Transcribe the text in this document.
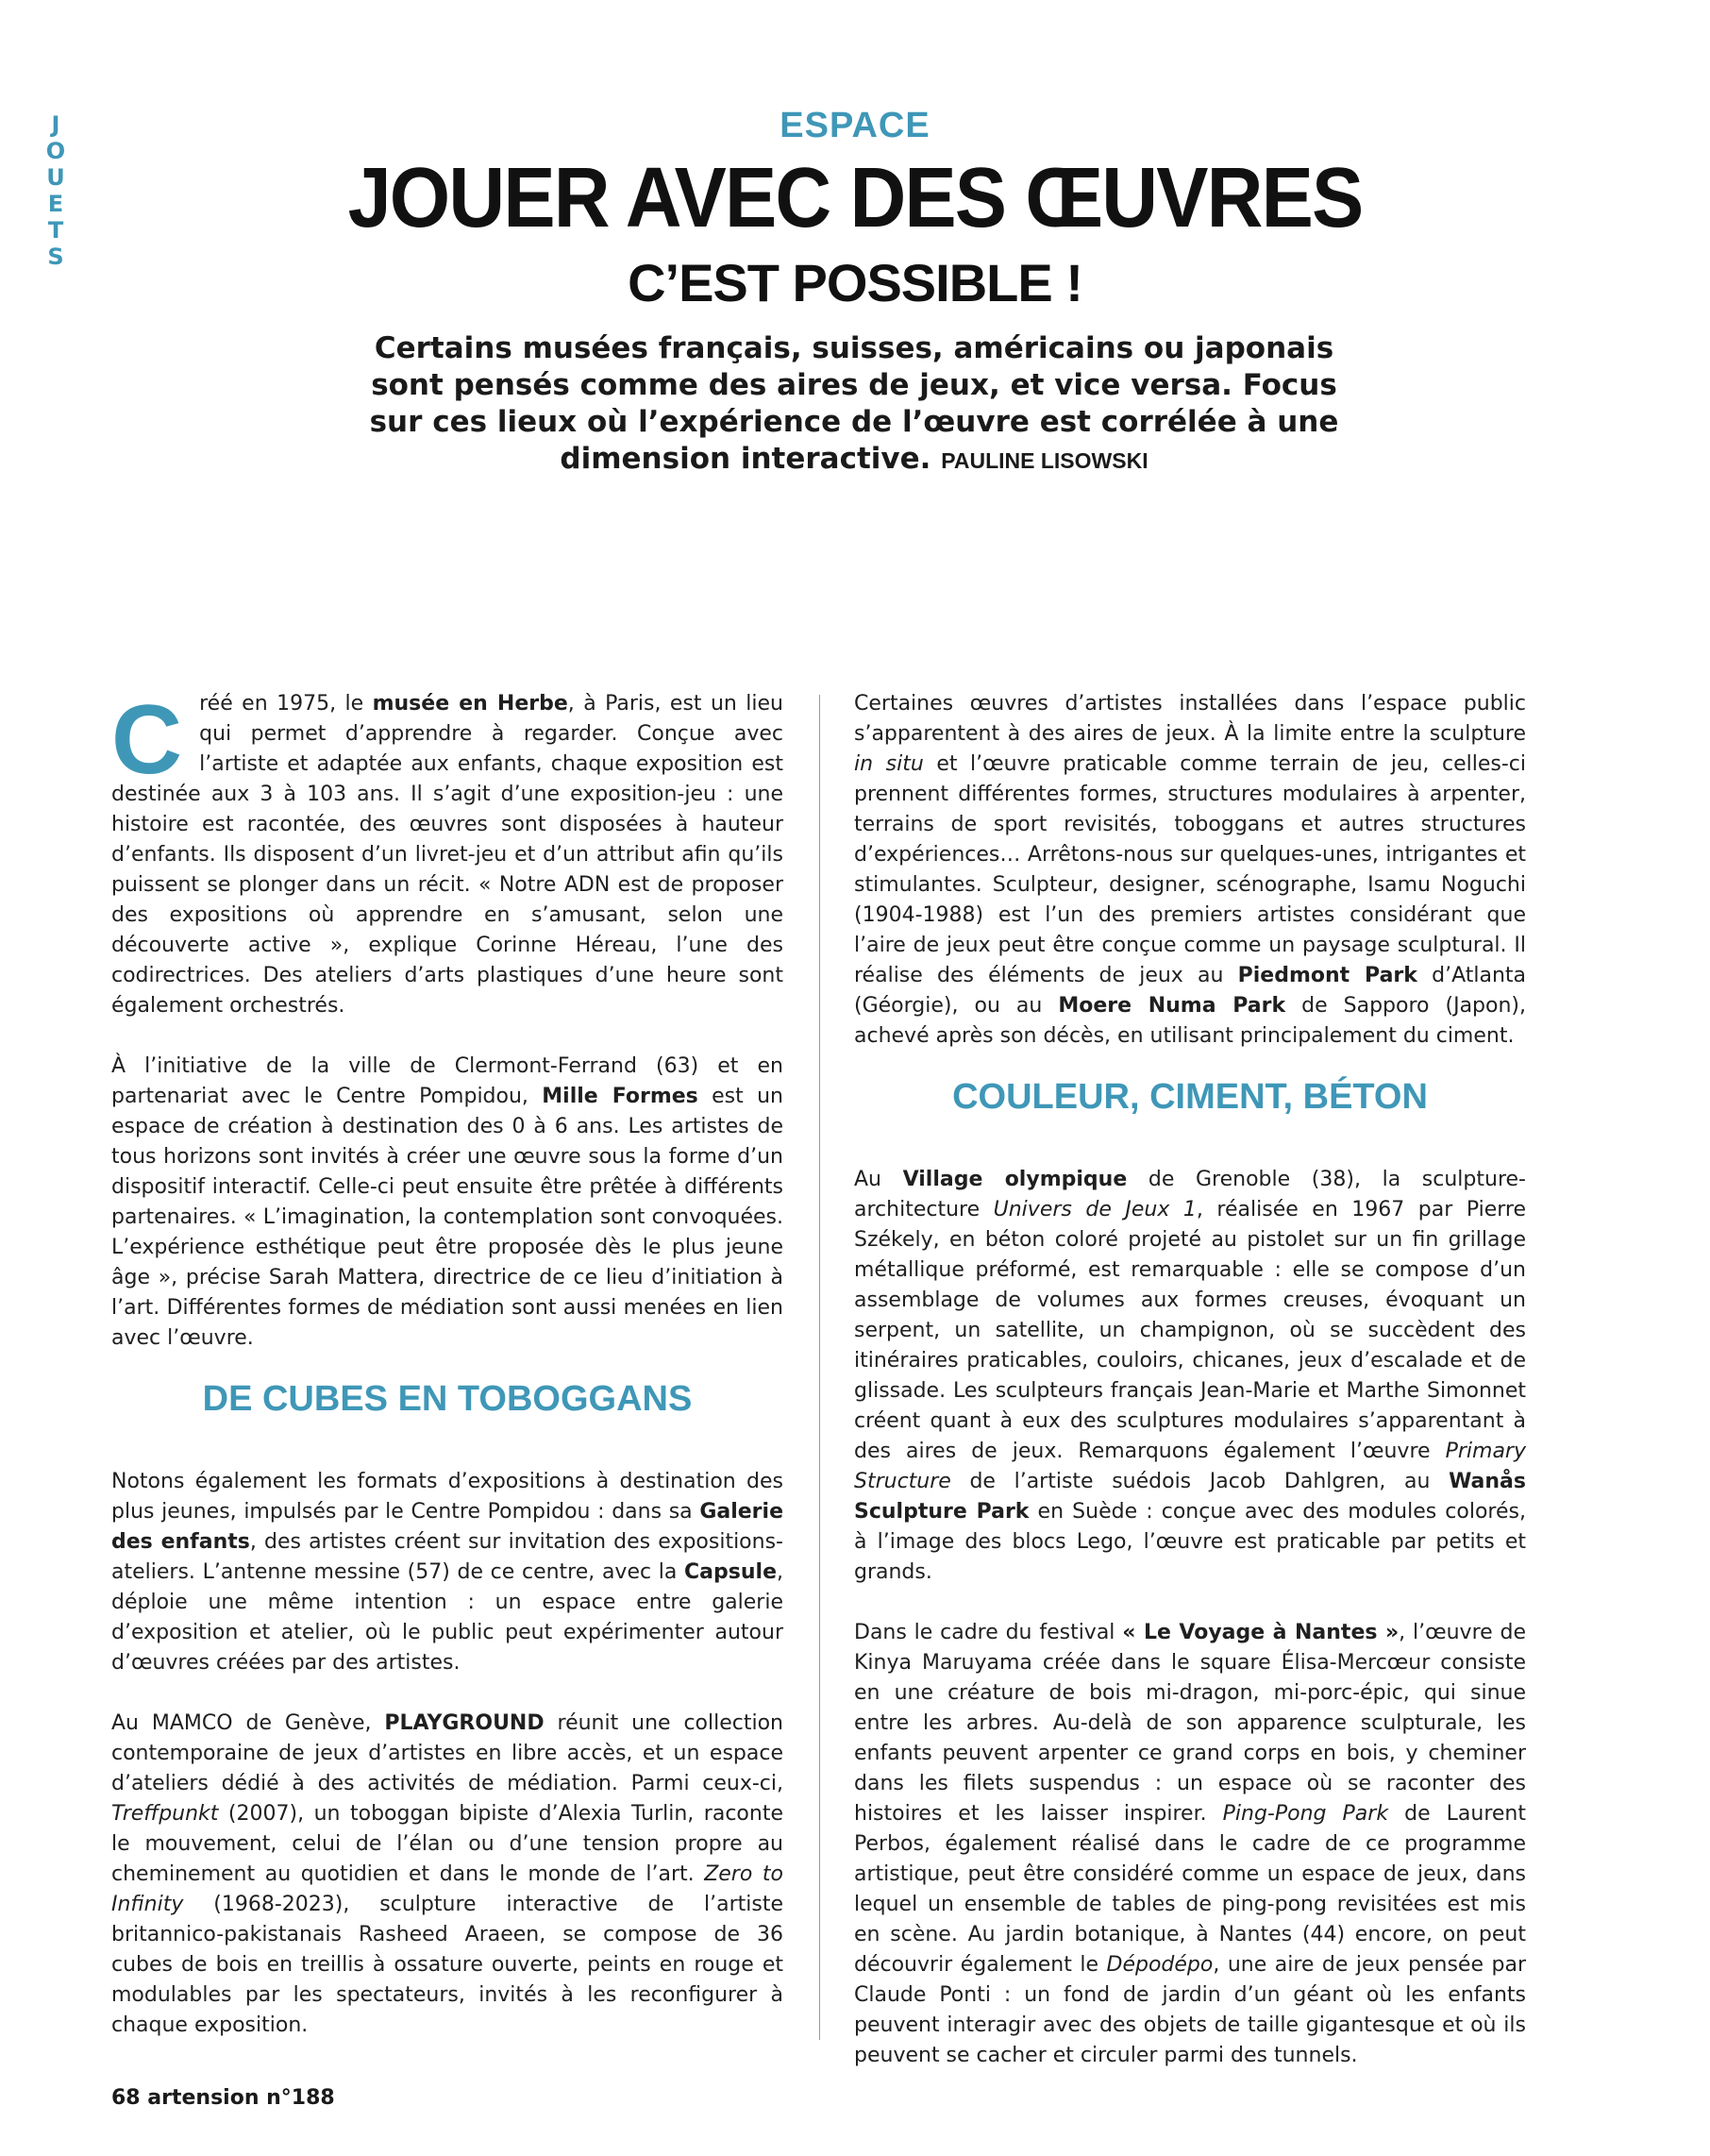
J
O
U
E
T
S
ESPACE
JOUER AVEC DES ŒUVRES
C’EST POSSIBLE !
Certains musées français, suisses, américains ou japonais sont pensés comme des aires de jeux, et vice versa. Focus sur ces lieux où l’expérience de l’œuvre est corrélée à une dimension interactive. PAULINE LISOWSKI

Créé en 1975, le musée en Herbe, à Paris, est un lieu qui permet d’apprendre à regarder. Conçue avec l’artiste et adaptée aux enfants, chaque exposition est destinée aux 3 à 103 ans. Il s’agit d’une exposition-jeu : une histoire est racontée, des œuvres sont disposées à hauteur d’enfants. Ils disposent d’un livret-jeu et d’un attribut afin qu’ils puissent se plonger dans un récit. « Notre ADN est de proposer des expositions où apprendre en s’amusant, selon une découverte active », explique Corinne Héreau, l’une des codirectrices. Des ateliers d’arts plastiques d’une heure sont également orchestrés.

À l’initiative de la ville de Clermont-Ferrand (63) et en partenariat avec le Centre Pompidou, Mille Formes est un espace de création à destination des 0 à 6 ans. Les artistes de tous horizons sont invités à créer une œuvre sous la forme d’un dispositif interactif. Celle-ci peut ensuite être prêtée à différents partenaires. « L’imagination, la contemplation sont convoquées. L’expérience esthétique peut être proposée dès le plus jeune âge », précise Sarah Mattera, directrice de ce lieu d’initiation à l’art. Différentes formes de médiation sont aussi menées en lien avec l’œuvre.

DE CUBES EN TOBOGGANS

Notons également les formats d’expositions à destination des plus jeunes, impulsés par le Centre Pompidou : dans sa Galerie des enfants, des artistes créent sur invitation des expositions-ateliers. L’antenne messine (57) de ce centre, avec la Capsule, déploie une même intention : un espace entre galerie d’exposition et atelier, où le public peut expérimenter autour d’œuvres créées par des artistes.

Au MAMCO de Genève, PLAYGROUND réunit une collection contemporaine de jeux d’artistes en libre accès, et un espace d’ateliers dédié à des activités de médiation. Parmi ceux-ci, Treffpunkt (2007), un toboggan bipiste d’Alexia Turlin, raconte le mouvement, celui de l’élan ou d’une tension propre au cheminement au quotidien et dans le monde de l’art. Zero to Infinity (1968-2023), sculpture interactive de l’artiste britannico-pakistanais Rasheed Araeen, se compose de 36 cubes de bois en treillis à ossature ouverte, peints en rouge et modulables par les spectateurs, invités à les reconfigurer à chaque exposition.

Certaines œuvres d’artistes installées dans l’espace public s’apparentent à des aires de jeux. À la limite entre la sculpture in situ et l’œuvre praticable comme terrain de jeu, celles-ci prennent différentes formes, structures modulaires à arpenter, terrains de sport revisités, toboggans et autres structures d’expériences… Arrêtons-nous sur quelques-unes, intrigantes et stimulantes. Sculpteur, designer, scénographe, Isamu Noguchi (1904-1988) est l’un des premiers artistes considérant que l’aire de jeux peut être conçue comme un paysage sculptural. Il réalise des éléments de jeux au Piedmont Park d’Atlanta (Géorgie), ou au Moere Numa Park de Sapporo (Japon), achevé après son décès, en utilisant principalement du ciment.

COULEUR, CIMENT, BÉTON

Au Village olympique de Grenoble (38), la sculpture-architecture Univers de Jeux 1, réalisée en 1967 par Pierre Székely, en béton coloré projeté au pistolet sur un fin grillage métallique préformé, est remarquable : elle se compose d’un assemblage de volumes aux formes creuses, évoquant un serpent, un satellite, un champignon, où se succèdent des itinéraires praticables, couloirs, chicanes, jeux d’escalade et de glissade. Les sculpteurs français Jean-Marie et Marthe Simonnet créent quant à eux des sculptures modulaires s’apparentant à des aires de jeux. Remarquons également l’œuvre Primary Structure de l’artiste suédois Jacob Dahlgren, au Wanås Sculpture Park en Suède : conçue avec des modules colorés, à l’image des blocs Lego, l’œuvre est praticable par petits et grands.

Dans le cadre du festival « Le Voyage à Nantes », l’œuvre de Kinya Maruyama créée dans le square Élisa-Mercœur consiste en une créature de bois mi-dragon, mi-porc-épic, qui sinue entre les arbres. Au-delà de son apparence sculpturale, les enfants peuvent arpenter ce grand corps en bois, y cheminer dans les filets suspendus : un espace où se raconter des histoires et les laisser inspirer. Ping-Pong Park de Laurent Perbos, également réalisé dans le cadre de ce programme artistique, peut être considéré comme un espace de jeux, dans lequel un ensemble de tables de ping-pong revisitées est mis en scène. Au jardin botanique, à Nantes (44) encore, on peut découvrir également le Dépodépo, une aire de jeux pensée par Claude Ponti : un fond de jardin d’un géant où les enfants peuvent interagir avec des objets de taille gigantesque et où ils peuvent se cacher et circuler parmi des tunnels.

68 artension n°188
